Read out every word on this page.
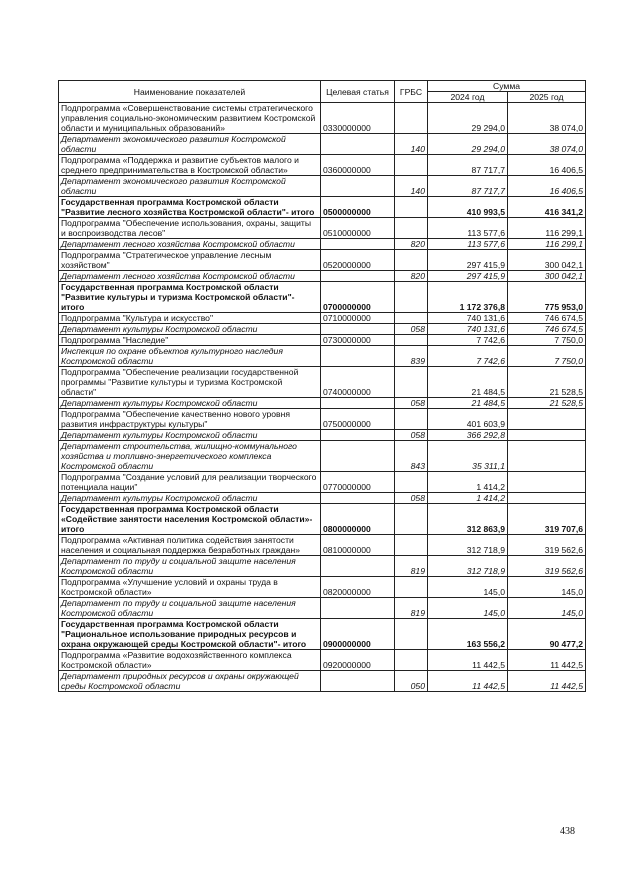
Наименование показателей	Целевая статья	ГРБС	Сумма	
			2024 год	2025 год
Подпрограмма «Совершенствование системы стратегического управления социально-экономическим развитием Костромской области и муниципальных образований»	0330000000		29 294,0	38 074,0
Департамент экономического развития Костромской области		140	29 294,0	38 074,0
Подпрограмма «Поддержка и развитие субъектов малого и среднего предпринимательства в Костромской области»	0360000000		87 717,7	16 406,5
Департамент экономического развития Костромской области		140	87 717,7	16 406,5
Государственная программа Костромской области "Развитие лесного хозяйства Костромской области"- итого	0500000000		410 993,5	416 341,2
Подпрограмма "Обеспечение использования, охраны, защиты и воспроизводства лесов"	0510000000		113 577,6	116 299,1
Департамент лесного хозяйства Костромской области		820	113 577,6	116 299,1
Подпрограмма "Стратегическое управление лесным хозяйством"	0520000000		297 415,9	300 042,1
Департамент лесного хозяйства Костромской области		820	297 415,9	300 042,1
Государственная программа Костромской области "Развитие культуры и туризма Костромской области"- итого	0700000000		1 172 376,8	775 953,0
Подпрограмма "Культура и искусство"	0710000000		740 131,6	746 674,5
Департамент культуры Костромской области		058	740 131,6	746 674,5
Подпрограмма "Наследие"	0730000000		7 742,6	7 750,0
Инспекция по охране объектов культурного наследия Костромской области		839	7 742,6	7 750,0
Подпрограмма "Обеспечение реализации государственной программы "Развитие культуры и туризма Костромской области"	0740000000		21 484,5	21 528,5
Департамент культуры Костромской области		058	21 484,5	21 528,5
Подпрограмма "Обеспечение качественно нового уровня развития инфраструктуры культуры"	0750000000		401 603,9	
Департамент культуры Костромской области		058	366 292,8	
Департамент строительства, жилищно-коммунального хозяйства и топливно-энергетического комплекса Костромской области		843	35 311,1	
Подпрограмма "Создание условий для реализации творческого потенциала нации"	0770000000		1 414,2	
Департамент культуры Костромской области		058	1 414,2	
Государственная программа Костромской области «Содействие занятости населения Костромской области»- итого	0800000000		312 863,9	319 707,6
Подпрограмма «Активная политика содействия занятости населения и социальная поддержка безработных граждан»	0810000000		312 718,9	319 562,6
Департамент по труду и социальной защите населения Костромской области		819	312 718,9	319 562,6
Подпрограмма «Улучшение условий и охраны труда в Костромской области»	0820000000		145,0	145,0
Департамент по труду и социальной защите населения Костромской области		819	145,0	145,0
Государственная программа Костромской области "Рациональное использование природных ресурсов и охрана окружающей среды Костромской области"- итого	0900000000		163 556,2	90 477,2
Подпрограмма «Развитие водохозяйственного комплекса Костромской области»	0920000000		11 442,5	11 442,5
Департамент природных ресурсов и охраны окружающей среды Костромской области		050	11 442,5	11 442,5
438
